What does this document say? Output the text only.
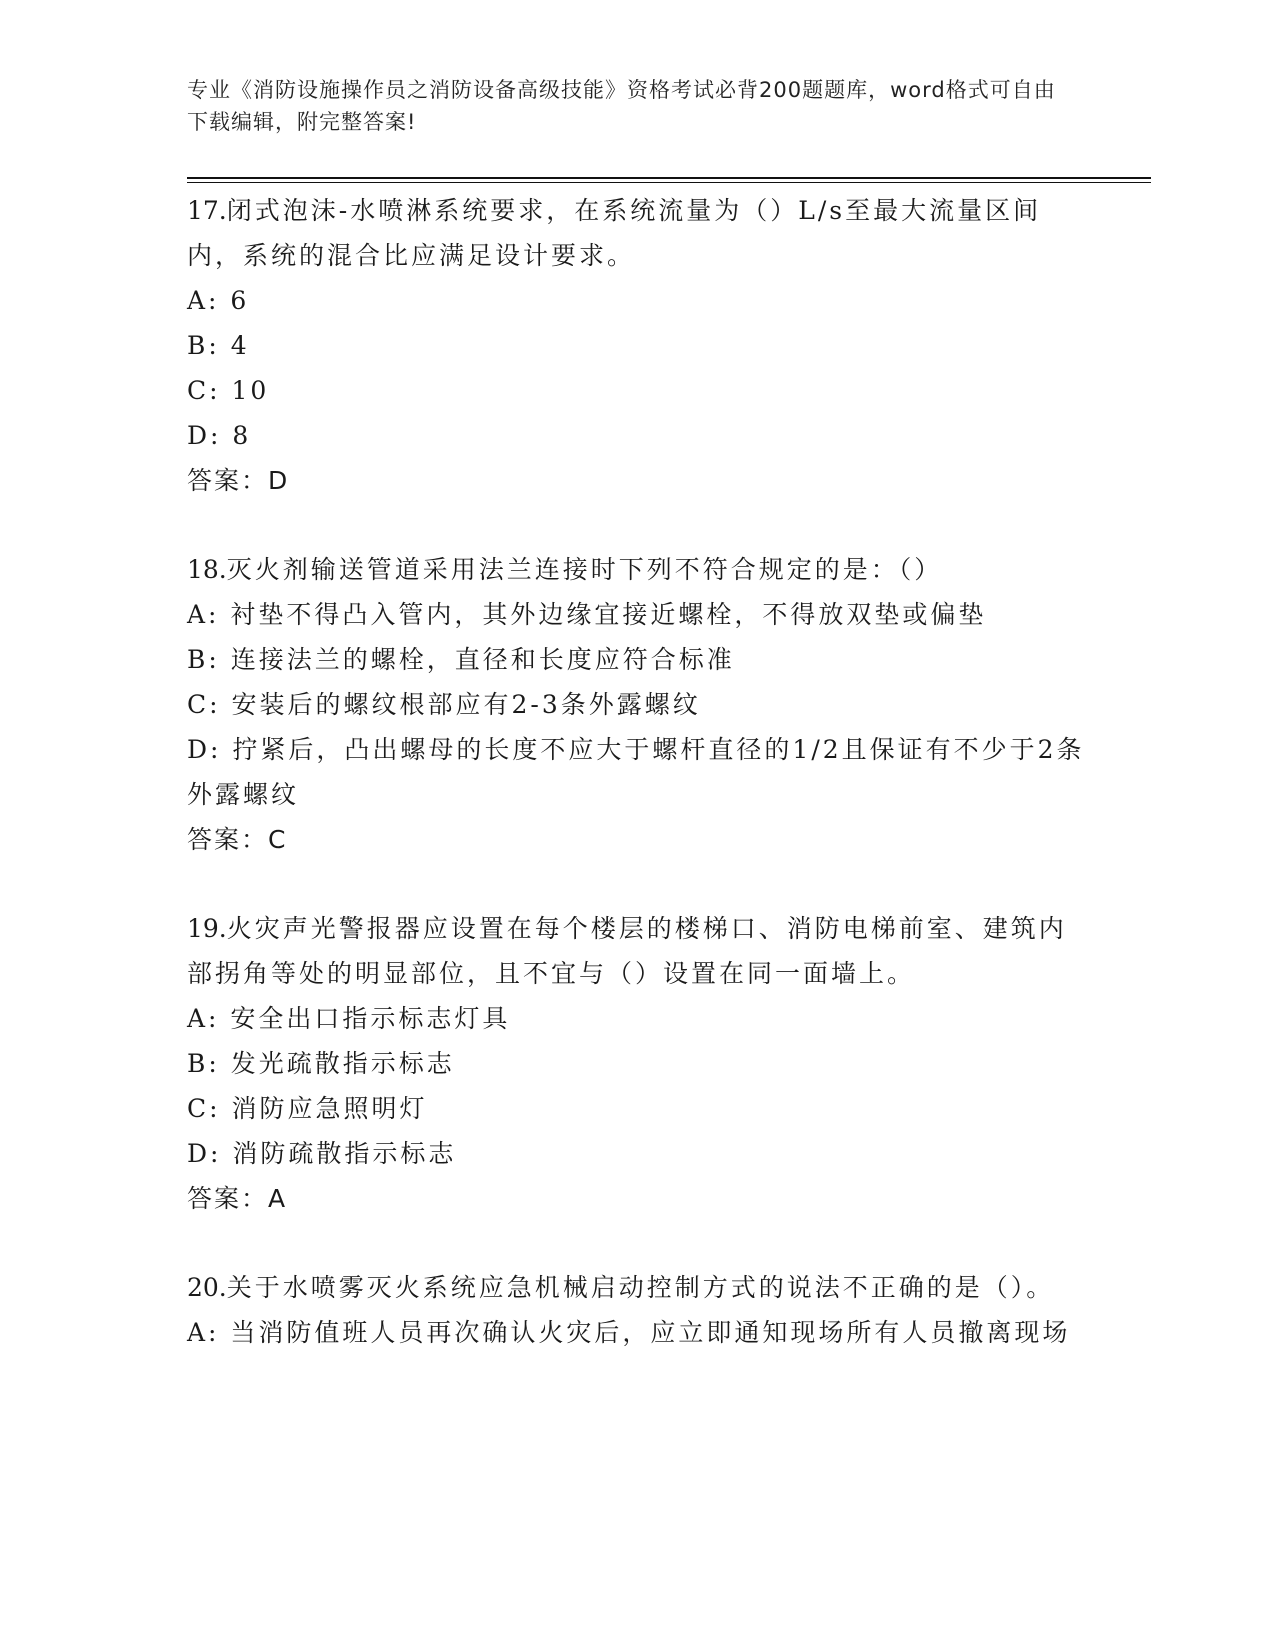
专业《消防设施操作员之消防设备高级技能》资格考试必背200题题库，word格式可自由下载编辑，附完整答案!

17.闭式泡沫-水喷淋系统要求，在系统流量为（）L/s至最大流量区间内，系统的混合比应满足设计要求。

A: 6

B: 4

C: 10

D: 8

答案：D

18.灭火剂输送管道采用法兰连接时下列不符合规定的是：（）

A: 衬垫不得凸入管内，其外边缘宜接近螺栓，不得放双垫或偏垫

B: 连接法兰的螺栓，直径和长度应符合标准

C: 安装后的螺纹根部应有2-3条外露螺纹

D: 拧紧后，凸出螺母的长度不应大于螺杆直径的1/2且保证有不少于2条外露螺纹

答案：C

19.火灾声光警报器应设置在每个楼层的楼梯口、消防电梯前室、建筑内部拐角等处的明显部位，且不宜与（）设置在同一面墙上。

A: 安全出口指示标志灯具

B: 发光疏散指示标志

C: 消防应急照明灯

D: 消防疏散指示标志

答案：A

20.关于水喷雾灭火系统应急机械启动控制方式的说法不正确的是（）。

A: 当消防值班人员再次确认火灾后，应立即通知现场所有人员撤离现场
